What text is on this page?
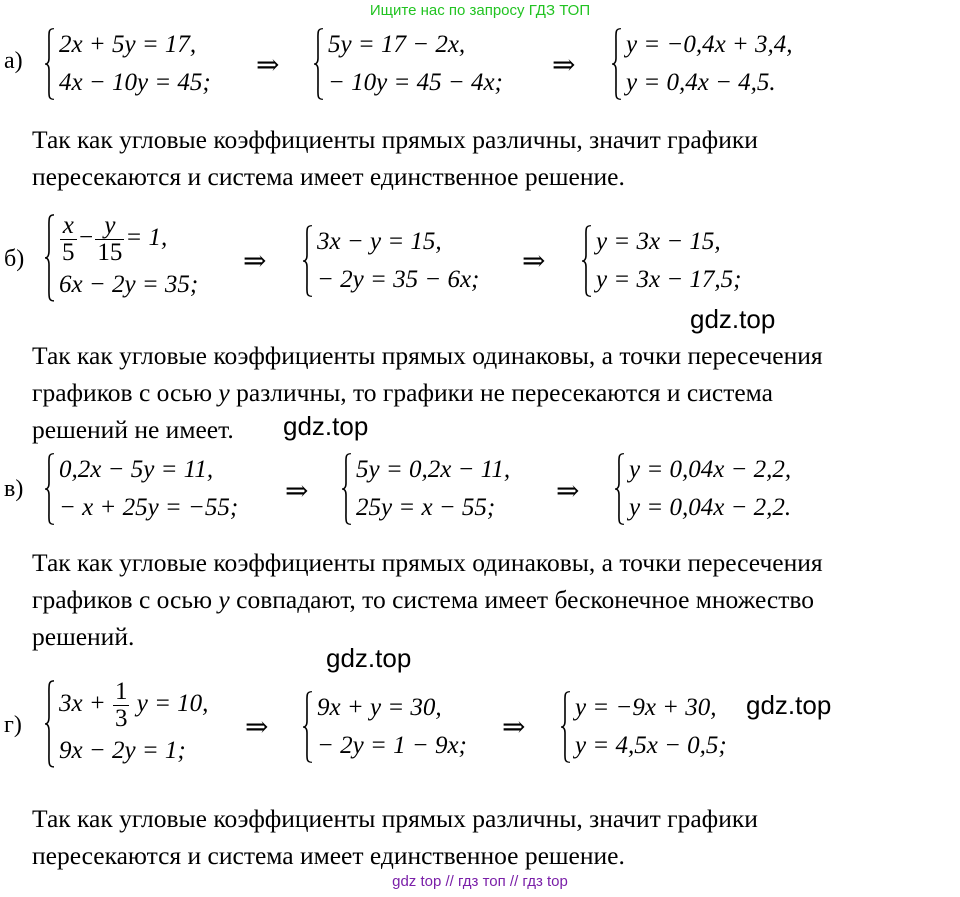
Ищите нас по запросу ГДЗ ТОП
а)
2x + 5y = 17,
4x − 10y = 45;
⇒
5y = 17 − 2x,
− 10y = 45 − 4x;
⇒
y = −0,4x + 3,4,
y = 0,4x − 4,5.
Так как угловые коэффициенты прямых различны, значит графики
пересекаются и система имеет единственное решение.
$б) \frac{x}{5} - \frac{y}{15} = 1$,
6x − 2y = 35;
⇒
3x − y = 15,
− 2y = 35 − 6x;
⇒
y = 3x − 15,
y = 3x − 17,5;
gdz.top
Так как угловые коэффициенты прямых одинаковы, а точки пересечения
графиков с осью y различны, то графики не пересекаются и система
решений не имеет.	gdz.top
в)
0,2x − 5y = 11,
− x + 25y = −55;
⇒
5y = 0,2x − 11,
25y = x − 55;
⇒
y = 0,04x − 2,2,
y = 0,04x − 2,2.
Так как угловые коэффициенты прямых одинаковы, а точки пересечения
графиков с осью y совпадают, то система имеет бесконечное множество
решений.
gdz.top
г)
$3x + \frac{1}{3}$ y = 10,
9x − 2y = 1;
⇒
9x + y = 30,
− 2y = 1 − 9x;
⇒
y = −9x + 30,
y = 4,5x − 0,5;
gdz.top
Так как угловые коэффициенты прямых различны, значит графики
пересекаются и система имеет единственное решение.
gdz top // гдз топ // гдз top
